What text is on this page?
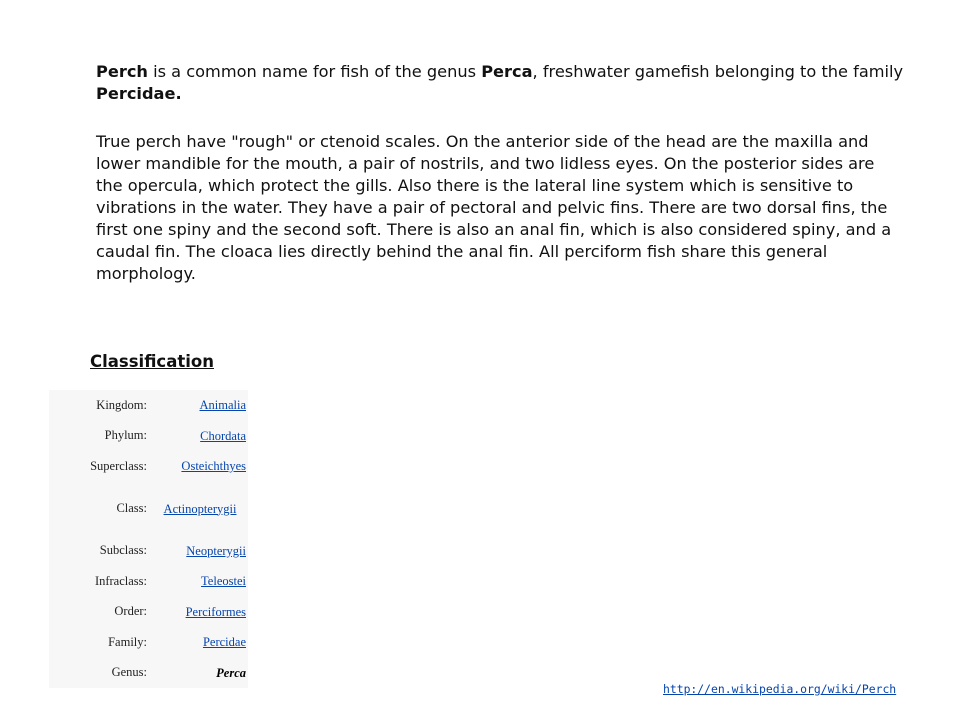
Perch is a common name for fish of the genus Perca, freshwater gamefish belonging to the family Percidae.

True perch have "rough" or ctenoid scales. On the anterior side of the head are the maxilla and lower mandible for the mouth, a pair of nostrils, and two lidless eyes. On the posterior sides are the opercula, which protect the gills. Also there is the lateral line system which is sensitive to vibrations in the water. They have a pair of pectoral and pelvic fins. There are two dorsal fins, the first one spiny and the second soft. There is also an anal fin, which is also considered spiny, and a caudal fin. The cloaca lies directly behind the anal fin. All perciform fish share this general morphology.

Classification
Kingdom:	Animalia
Phylum:	Chordata
Superclass:	Osteichthyes
Class:	Actinopterygii
Subclass:	Neopterygii
Infraclass:	Teleostei
Order:	Perciformes
Family:	Percidae
Genus:	Perca
http://en.wikipedia.org/wiki/Perch
